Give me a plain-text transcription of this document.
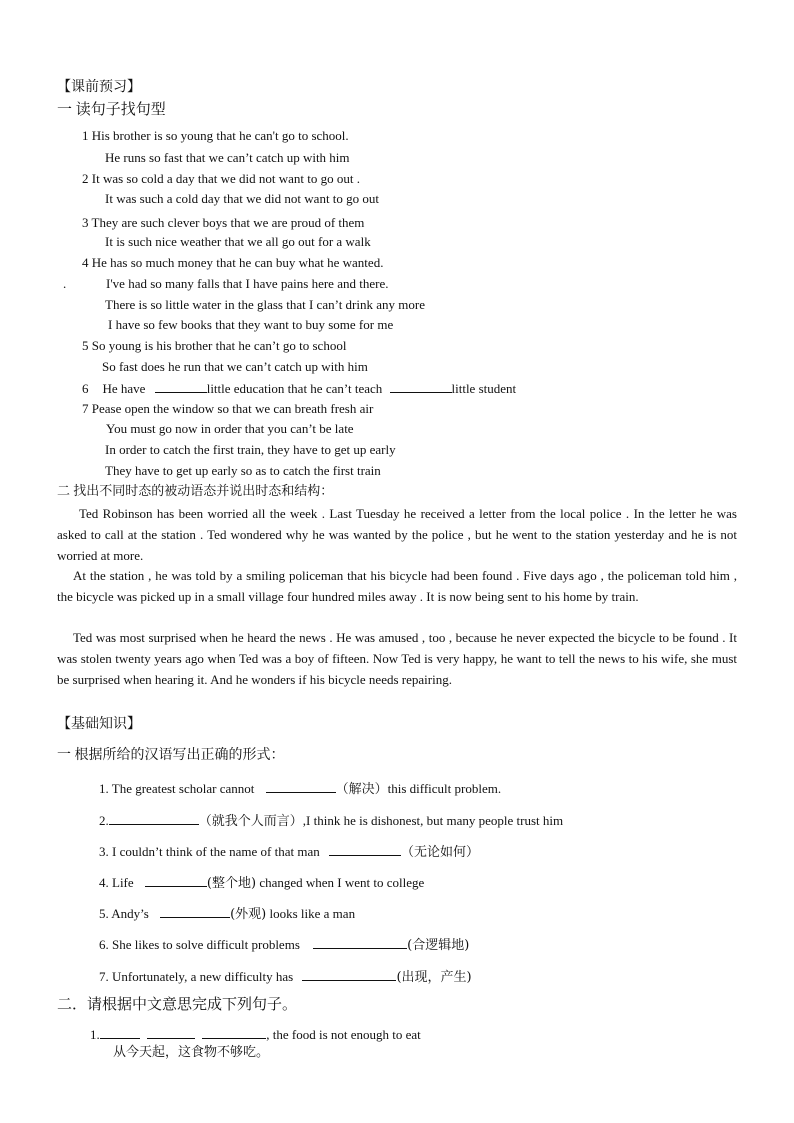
【课前预习】
一 读句子找句型
1 His brother is so young that he can't go to school.
He runs so fast that we can’t catch up with him
2 It was so cold a day that we did not want to go out .
It was such a cold day that we did not want to go out
3 They are such clever boys that we are proud of them
It is such nice weather that we all go out for a walk
4 He has so much money that he can buy what he wanted.
.	I've had so many falls that I have pains here and there.
There is so little water in the glass that I can’t drink any more
I have so few books that they want to buy some for me
5 So young is his brother that he can’t go to school
So fast does he run that we can’t catch up with him
6 He have	little education that he can’t teach	little student
7 Pease open the window so that we can breath fresh air
You must go now in order that you can’t be late
In order to catch the first train, they have to get up early
They have to get up early so as to catch the first train
二 找出不同时态的被动语态并说出时态和结构：
Ted Robinson has been worried all the week . Last Tuesday he received a letter from the local police . In the letter he was asked to call at the station . Ted wondered why he was wanted by the police , but he went to the station yesterday and he is not worried at more.
At the station , he was told by a smiling policeman that his bicycle had been found . Five days ago , the policeman told him , the bicycle was picked up in a small village four hundred miles away . It is now being sent to his home by train.
Ted was most surprised when he heard the news . He was amused , too , because he never expected the bicycle to be found . It was stolen twenty years ago when Ted was a boy of fifteen. Now Ted is very happy, he want to tell the news to his wife, she must be surprised when hearing it. And he wonders if his bicycle needs repairing.
【基础知识】
一 根据所给的汉语写出正确的形式：
1. The greatest scholar cannot	（解决）this difficult problem.
2.	（就我个人而言）,I think he is dishonest, but many people trust him
3. I couldn’t think of the name of that man	（无论如何）
4. Life	(整个地) changed when I went to college
5. Andy’s	(外观) looks like a man
6. She likes to solve difficult problems	(合逻辑地)
7. Unfortunately, a new difficulty has	(出现，产生)
二．请根据中文意思完成下列句子。
1.	, the food is not enough to eat
从今天起，这食物不够吃。
